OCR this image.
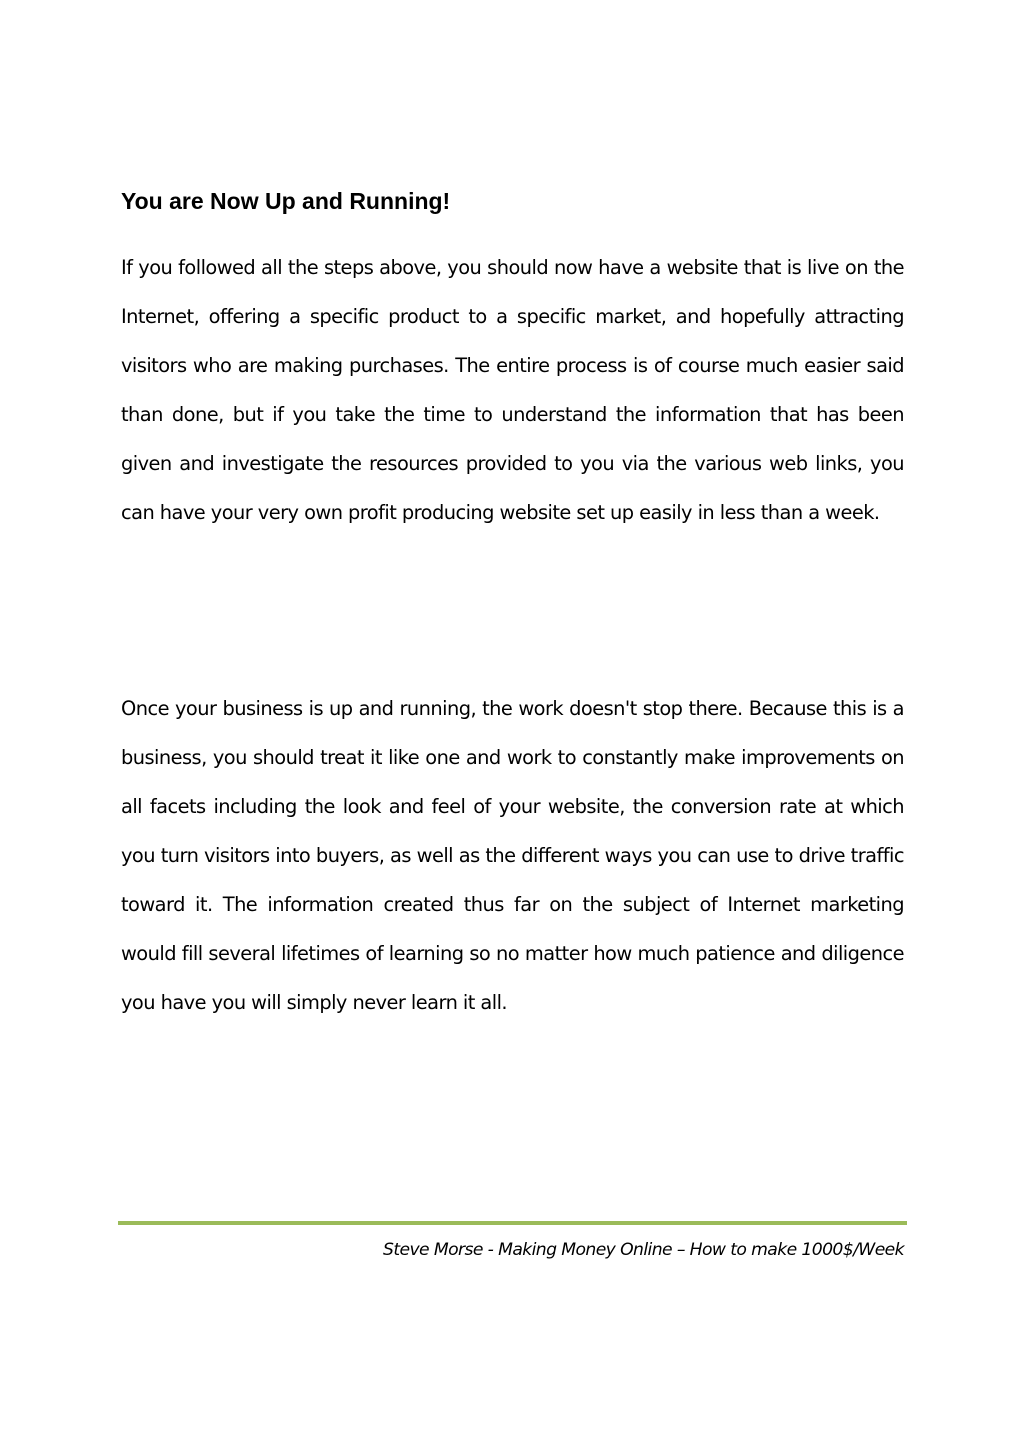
You are Now Up and Running!

If you followed all the steps above, you should now have a website that is live on the Internet, offering a specific product to a specific market, and hopefully attracting visitors who are making purchases. The entire process is of course much easier said than done, but if you take the time to understand the information that has been given and investigate the resources provided to you via the various web links, you can have your very own profit producing website set up easily in less than a week.

Once your business is up and running, the work doesn't stop there. Because this is a business, you should treat it like one and work to constantly make improvements on all facets including the look and feel of your website, the conversion rate at which you turn visitors into buyers, as well as the different ways you can use to drive traffic toward it. The information created thus far on the subject of Internet marketing would fill several lifetimes of learning so no matter how much patience and diligence you have you will simply never learn it all.

Steve Morse - Making Money Online – How to make 1000$/Week
